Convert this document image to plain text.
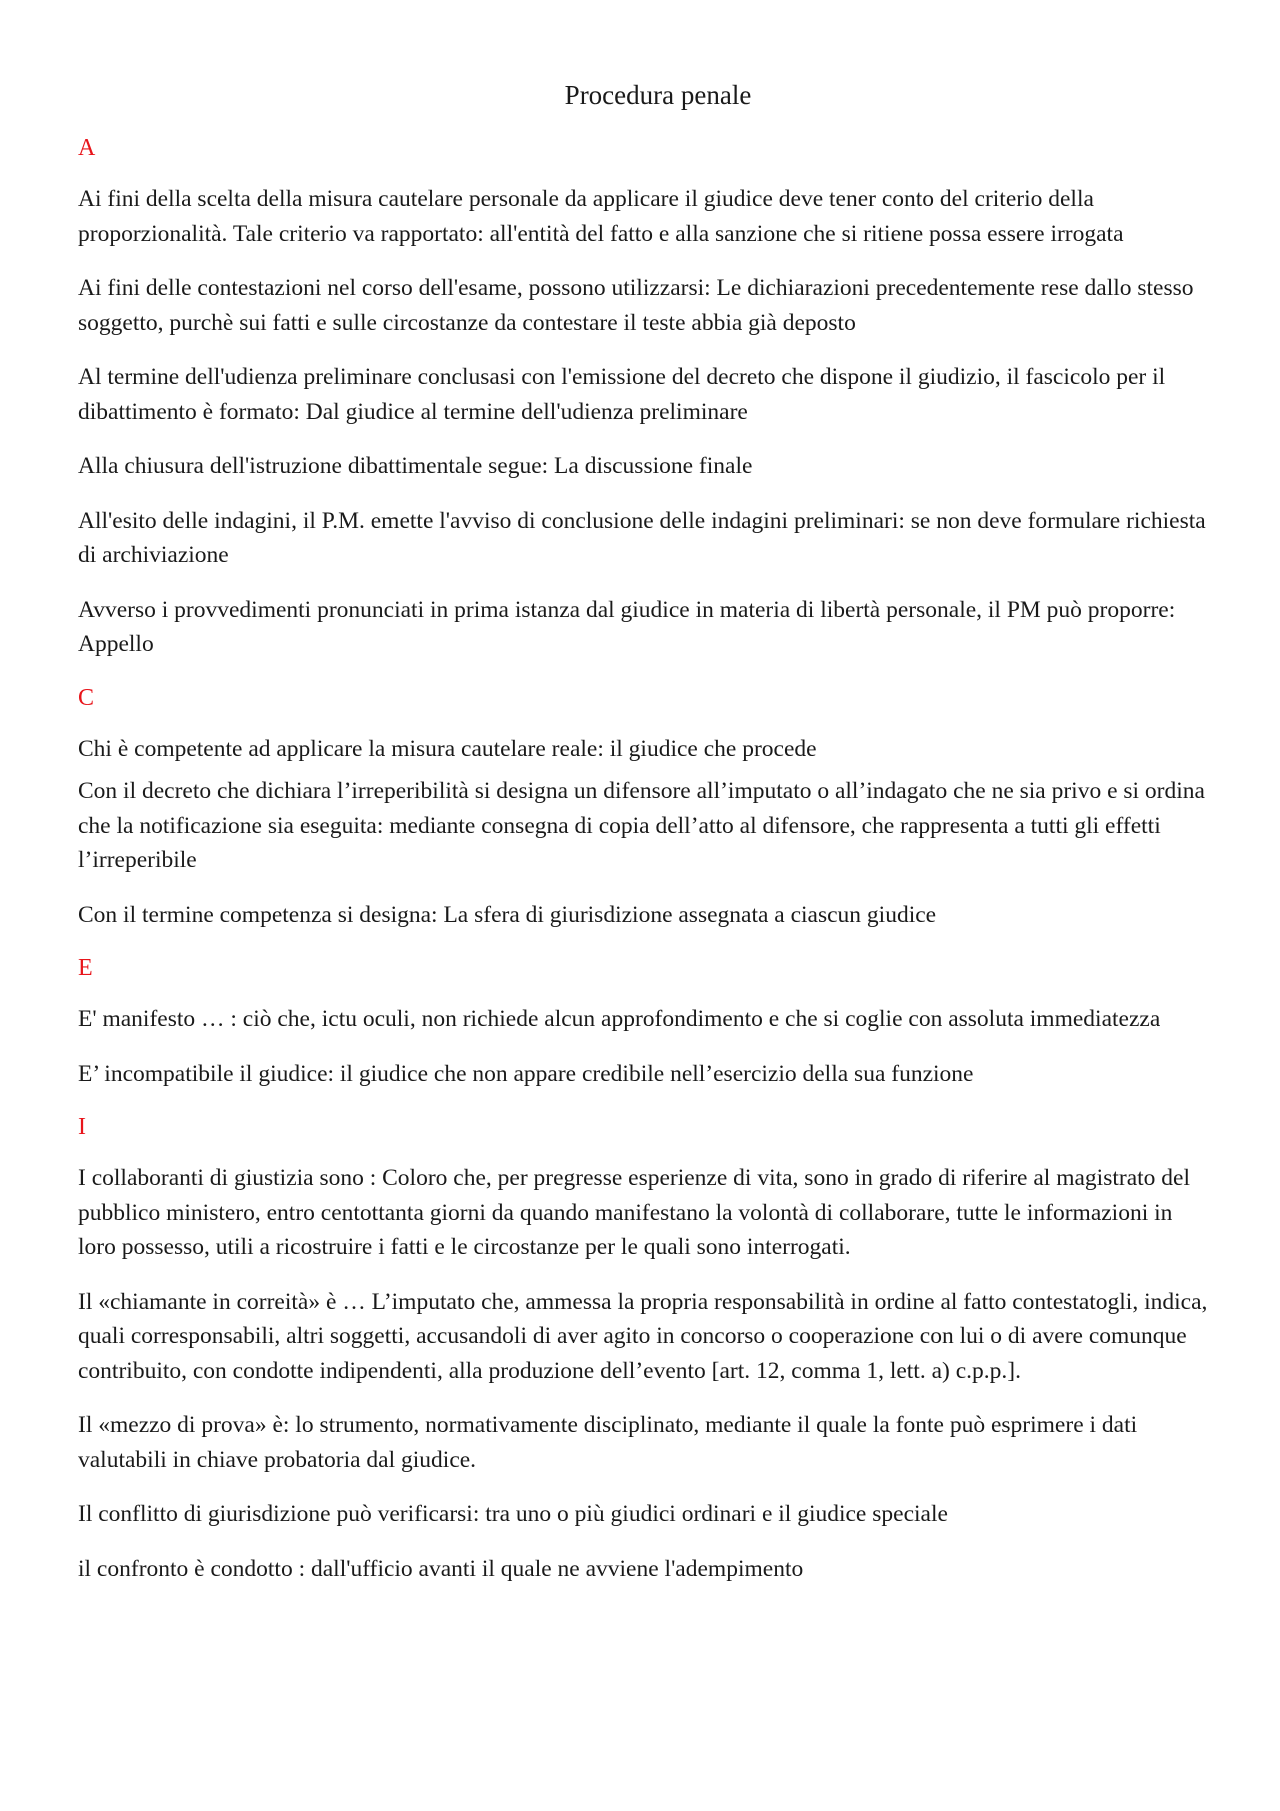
Procedura penale
A

Ai fini della scelta della misura cautelare personale da applicare il giudice deve tener conto del criterio della proporzionalità. Tale criterio va rapportato: all'entità del fatto e alla sanzione che si ritiene possa essere irrogata

Ai fini delle contestazioni nel corso dell'esame, possono utilizzarsi: Le dichiarazioni precedentemente rese dallo stesso soggetto, purchè sui fatti e sulle circostanze da contestare il teste abbia già deposto

Al termine dell'udienza preliminare conclusasi con l'emissione del decreto che dispone il giudizio, il fascicolo per il dibattimento è formato: Dal giudice al termine dell'udienza preliminare

Alla chiusura dell'istruzione dibattimentale segue: La discussione finale

All'esito delle indagini, il P.M. emette l'avviso di conclusione delle indagini preliminari: se non deve formulare richiesta di archiviazione

Avverso i provvedimenti pronunciati in prima istanza dal giudice in materia di libertà personale, il PM può proporre: Appello

C

Chi è competente ad applicare la misura cautelare reale: il giudice che procede

Con il decreto che dichiara l’irreperibilità si designa un difensore all’imputato o all’indagato che ne sia privo e si ordina che la notificazione sia eseguita: mediante consegna di copia dell’atto al difensore, che rappresenta a tutti gli effetti l’irreperibile

Con il termine competenza si designa: La sfera di giurisdizione assegnata a ciascun giudice

E

E' manifesto … : ciò che, ictu oculi, non richiede alcun approfondimento e che si coglie con assoluta immediatezza

E’ incompatibile il giudice: il giudice che non appare credibile nell’esercizio della sua funzione

I

I collaboranti di giustizia sono : Coloro che, per pregresse esperienze di vita, sono in grado di riferire al magistrato del pubblico ministero, entro centottanta giorni da quando manifestano la volontà di collaborare, tutte le informazioni in loro possesso, utili a ricostruire i fatti e le circostanze per le quali sono interrogati.

Il «chiamante in correità» è … L’imputato che, ammessa la propria responsabilità in ordine al fatto contestatogli, indica, quali corresponsabili, altri soggetti, accusandoli di aver agito in concorso o cooperazione con lui o di avere comunque contribuito, con condotte indipendenti, alla produzione dell’evento [art. 12, comma 1, lett. a) c.p.p.].

Il «mezzo di prova» è: lo strumento, normativamente disciplinato, mediante il quale la fonte può esprimere i dati valutabili in chiave probatoria dal giudice.

Il conflitto di giurisdizione può verificarsi: tra uno o più giudici ordinari e il giudice speciale

il confronto è condotto : dall'ufficio avanti il quale ne avviene l'adempimento
